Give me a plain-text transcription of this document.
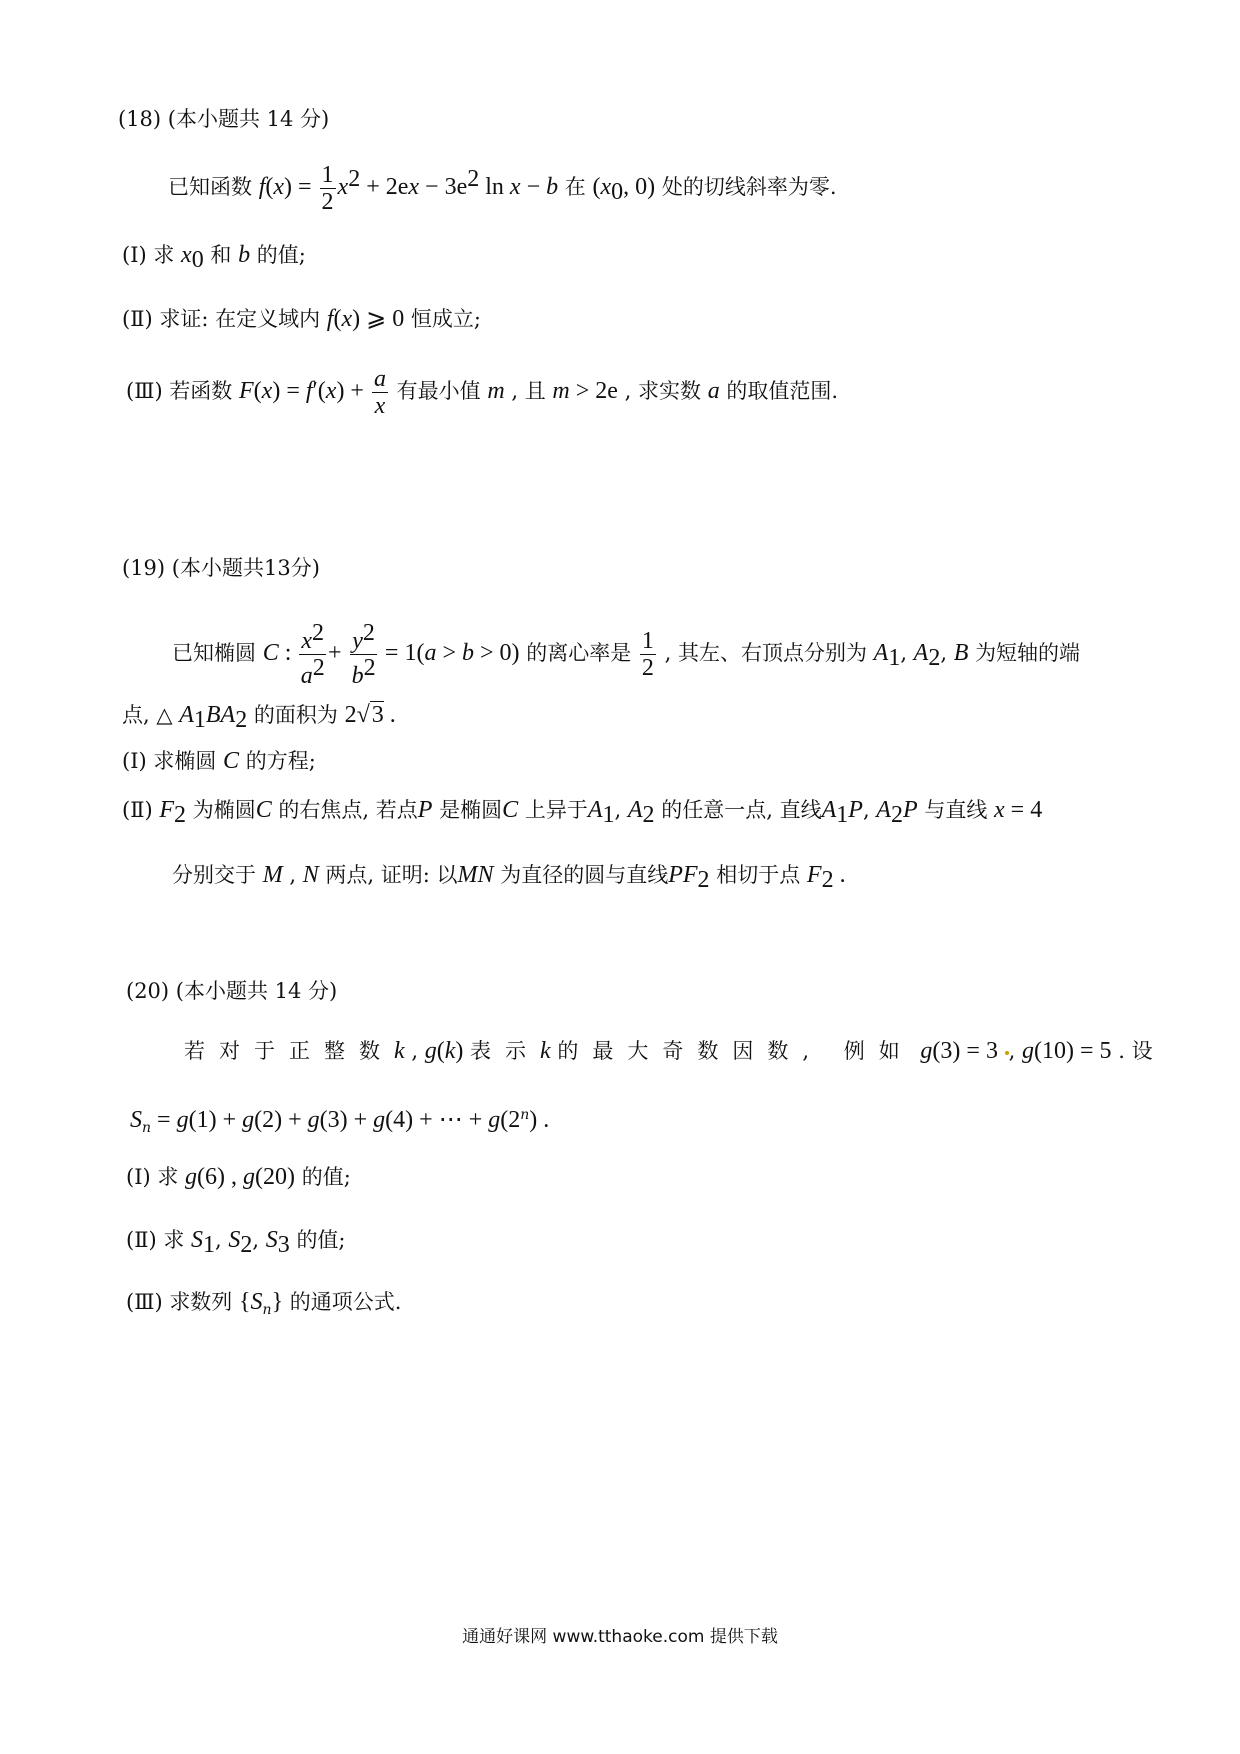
(18) (本小题共 14 分)
已知函数 $f(x) = \frac{1}{2} x^2 + 2ex - 3e^2$ ln x − b 在 ($x_0$, 0) 处的切线斜率为零.
(Ⅰ) 求 $x_0$ 和 b 的值;
(Ⅱ) 求证: 在定义域内 f(x) ⩾ 0 恒成立;
(Ⅲ) 若函数 $F(x) = f'(x) + \frac{a}{x}$ 有最小值 m , 且 m > 2e , 求实数 a 的取值范围.
(19) (本小题共13分)
已知椭圆 C : $\frac{x^2}{a^2} + \frac{y^2}{b^2} = 1(a > b > 0)$ 的离心率是 $\frac{1}{2}$ , 其左、右顶点分别为 $A_1$, $A_2$, B 为短轴的端
点, △ $A_1BA_2$ 的面积为 2√3 .
(Ⅰ) 求椭圆 C 的方程;
(Ⅱ) $F_2$ 为椭圆C 的右焦点, 若点P 是椭圆C 上异于$A_1$, $A_2$ 的任意一点, 直线$A_1P$, $A_2P$ 与直线 x = 4
分别交于 M , N 两点, 证明: 以MN 为直径的圆与直线$PF_2$ 相切于点 $F_2$ .
(20) (本小题共 14 分)
若对于正整数k , g(k) 表示k 的最大奇数因数, 例如 g(3) = 3 , g(10) = 5 . 设
$S_n = g(1) + g(2) + g(3) + g(4)$ + ⋯ + $g(2^n)$ .
(Ⅰ) 求 g(6) , g(20) 的值;
(Ⅱ) 求 $S_1$, $S_2$, $S_3$ 的值;
(Ⅲ) 求数列 $\{S_n\}$ 的通项公式.
通通好课网 www.tthaoke.com 提供下载
